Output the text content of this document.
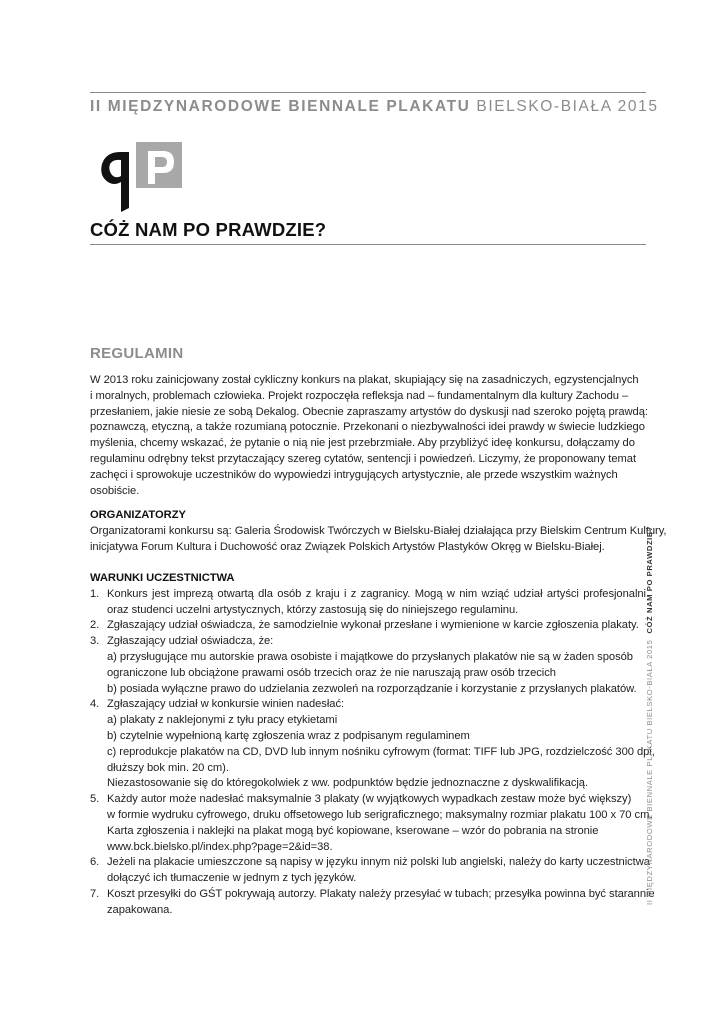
II MIĘDZYNARODOWE BIENNALE PLAKATU BIELSKO-BIAŁA 2015
CÓŻ NAM PO PRAWDZIE?
REGULAMIN
W 2013 roku zainicjowany został cykliczny konkurs na plakat, skupiający się na zasadniczych, egzystencjalnych
i moralnych, problemach człowieka. Projekt rozpoczęła refleksja nad – fundamentalnym dla kultury Zachodu –
przesłaniem, jakie niesie ze sobą Dekalog. Obecnie zapraszamy artystów do dyskusji nad szeroko pojętą prawdą:
poznawczą, etyczną, a także rozumianą potocznie. Przekonani o niezbywalności idei prawdy w świecie ludzkiego
myślenia, chcemy wskazać, że pytanie o nią nie jest przebrzmiałe. Aby przybliżyć ideę konkursu, dołączamy do
regulaminu odrębny tekst przytaczający szereg cytatów, sentencji i powiedzeń. Liczymy, że proponowany temat
zachęci i sprowokuje uczestników do wypowiedzi intrygujących artystycznie, ale przede wszystkim ważnych
osobiście.
ORGANIZATORZY
Organizatorami konkursu są: Galeria Środowisk Twórczych w Bielsku-Białej działająca przy Bielskim Centrum Kultury,
inicjatywa Forum Kultura i Duchowość oraz Związek Polskich Artystów Plastyków Okręg w Bielsku-Białej.
WARUNKI UCZESTNICTWA
1. Konkurs jest imprezą otwartą dla osób z kraju i z zagranicy. Mogą w nim wziąć udział artyści profesjonalni
oraz studenci uczelni artystycznych, którzy zastosują się do niniejszego regulaminu.
2. Zgłaszający udział oświadcza, że samodzielnie wykonał przesłane i wymienione w karcie zgłoszenia plakaty.
3. Zgłaszający udział oświadcza, że:
a) przysługujące mu autorskie prawa osobiste i majątkowe do przysłanych plakatów nie są w żaden sposób
ograniczone lub obciążone prawami osób trzecich oraz że nie naruszają praw osób trzecich
b) posiada wyłączne prawo do udzielania zezwoleń na rozporządzanie i korzystanie z przysłanych plakatów.
4. Zgłaszający udział w konkursie winien nadesłać:
a) plakaty z naklejonymi z tyłu pracy etykietami
b) czytelnie wypełnioną kartę zgłoszenia wraz z podpisanym regulaminem
c) reprodukcje plakatów na CD, DVD lub innym nośniku cyfrowym (format: TIFF lub JPG, rozdzielczość 300 dpi,
dłuższy bok min. 20 cm).
Niezastosowanie się do któregokolwiek z ww. podpunktów będzie jednoznaczne z dyskwalifikacją.
5. Każdy autor może nadesłać maksymalnie 3 plakaty (w wyjątkowych wypadkach zestaw może być większy)
w formie wydruku cyfrowego, druku offsetowego lub serigraficznego; maksymalny rozmiar plakatu 100 x 70 cm.
Karta zgłoszenia i naklejki na plakat mogą być kopiowane, kserowane – wzór do pobrania na stronie
www.bck.bielsko.pl/index.php?page=2&id=38.
6. Jeżeli na plakacie umieszczone są napisy w języku innym niż polski lub angielski, należy do karty uczestnictwa
dołączyć ich tłumaczenie w jednym z tych języków.
7. Koszt przesyłki do GŚT pokrywają autorzy. Plakaty należy przesyłać w tubach; przesyłka powinna być starannie
zapakowana.
II MIĘDZYNARODOWE BIENNALE PLAKATU BIELSKO-BIAŁA 2015CÓŻ NAM PO PRAWDZIE?
